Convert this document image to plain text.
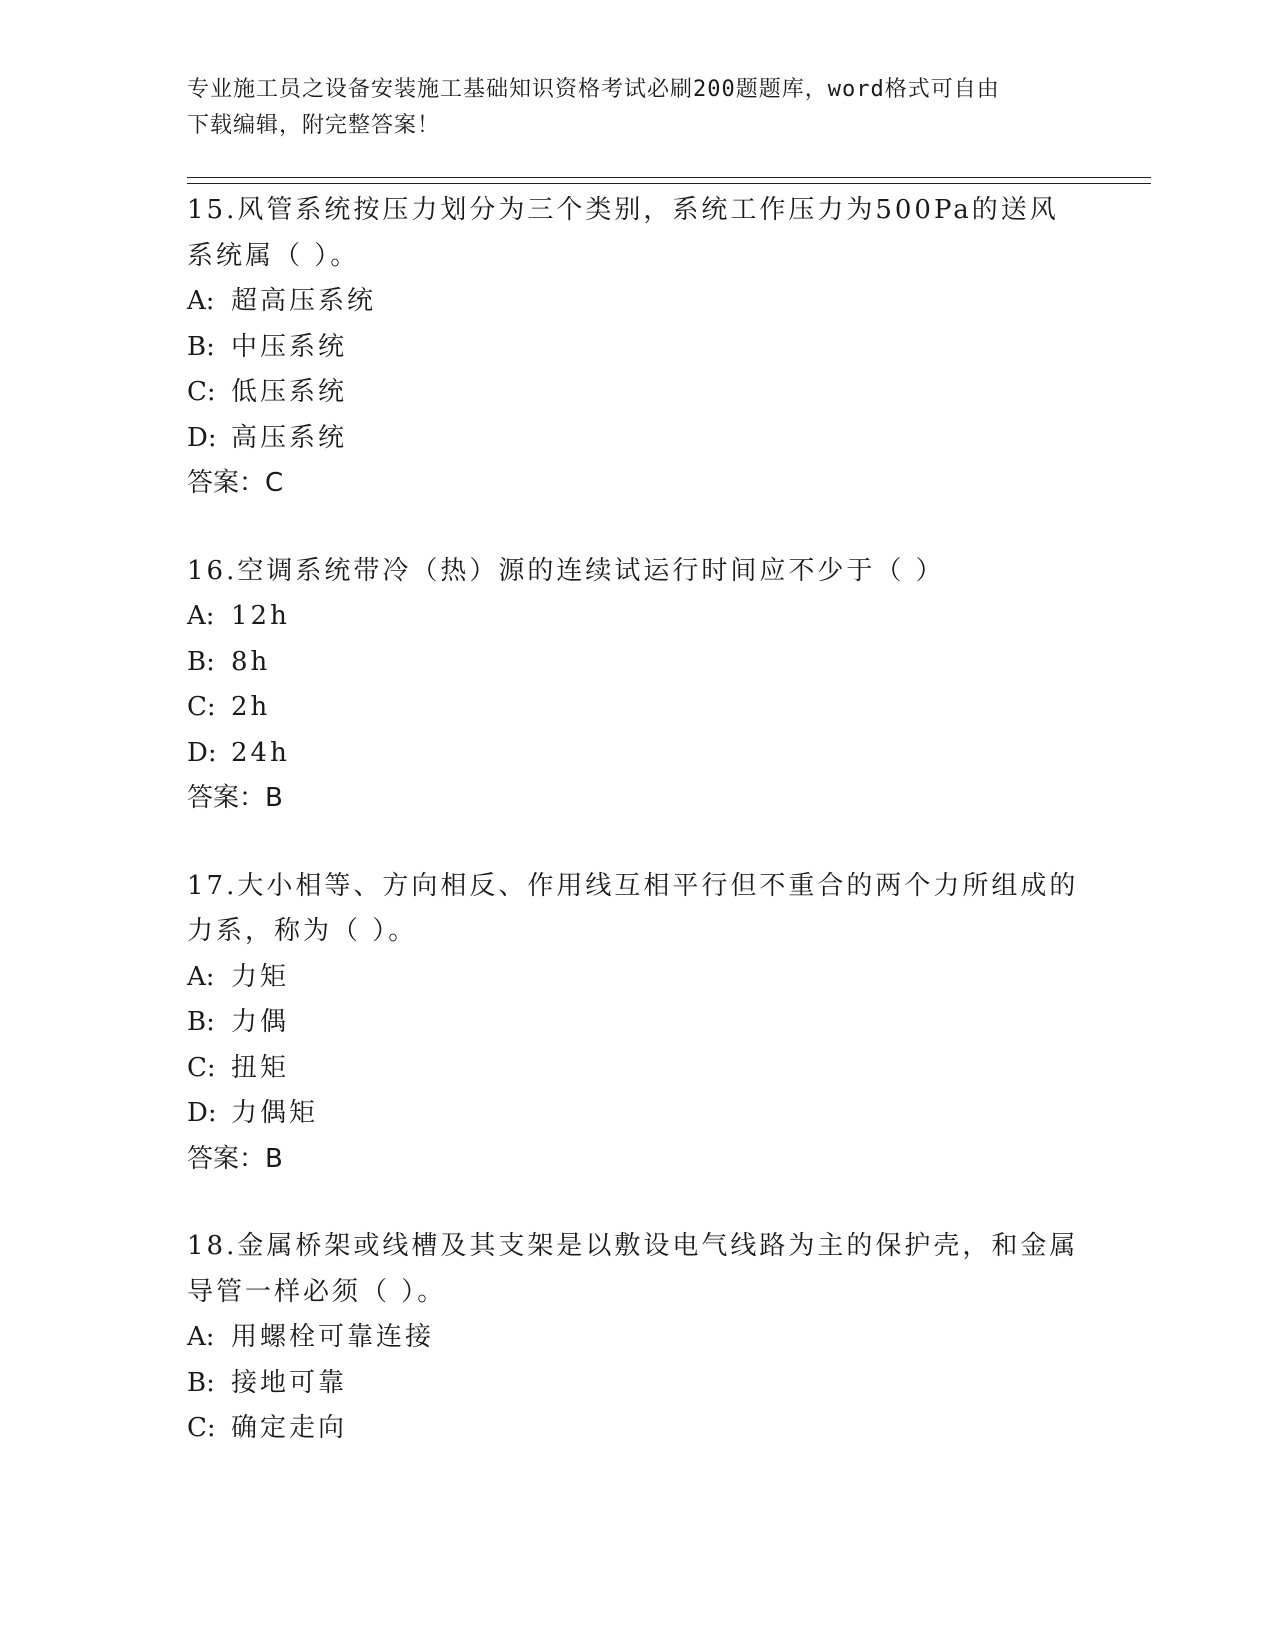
专业施工员之设备安装施工基础知识资格考试必刷200题题库，word格式可自由
下载编辑，附完整答案！

15.风管系统按压力划分为三个类别，系统工作压力为500Pa的送风系统属（ ）。

A: 超高压系统
B: 中压系统
C: 低压系统
D: 高压系统
答案：C

16.空调系统带冷（热）源的连续试运行时间应不少于（ ）

A: 12h
B: 8h
C: 2h
D: 24h
答案：B

17.大小相等、方向相反、作用线互相平行但不重合的两个力所组成的力系，称为（ ）。

A: 力矩
B: 力偶
C: 扭矩
D: 力偶矩
答案：B

18.金属桥架或线槽及其支架是以敷设电气线路为主的保护壳，和金属导管一样必须（ ）。

A: 用螺栓可靠连接
B: 接地可靠
C: 确定走向
